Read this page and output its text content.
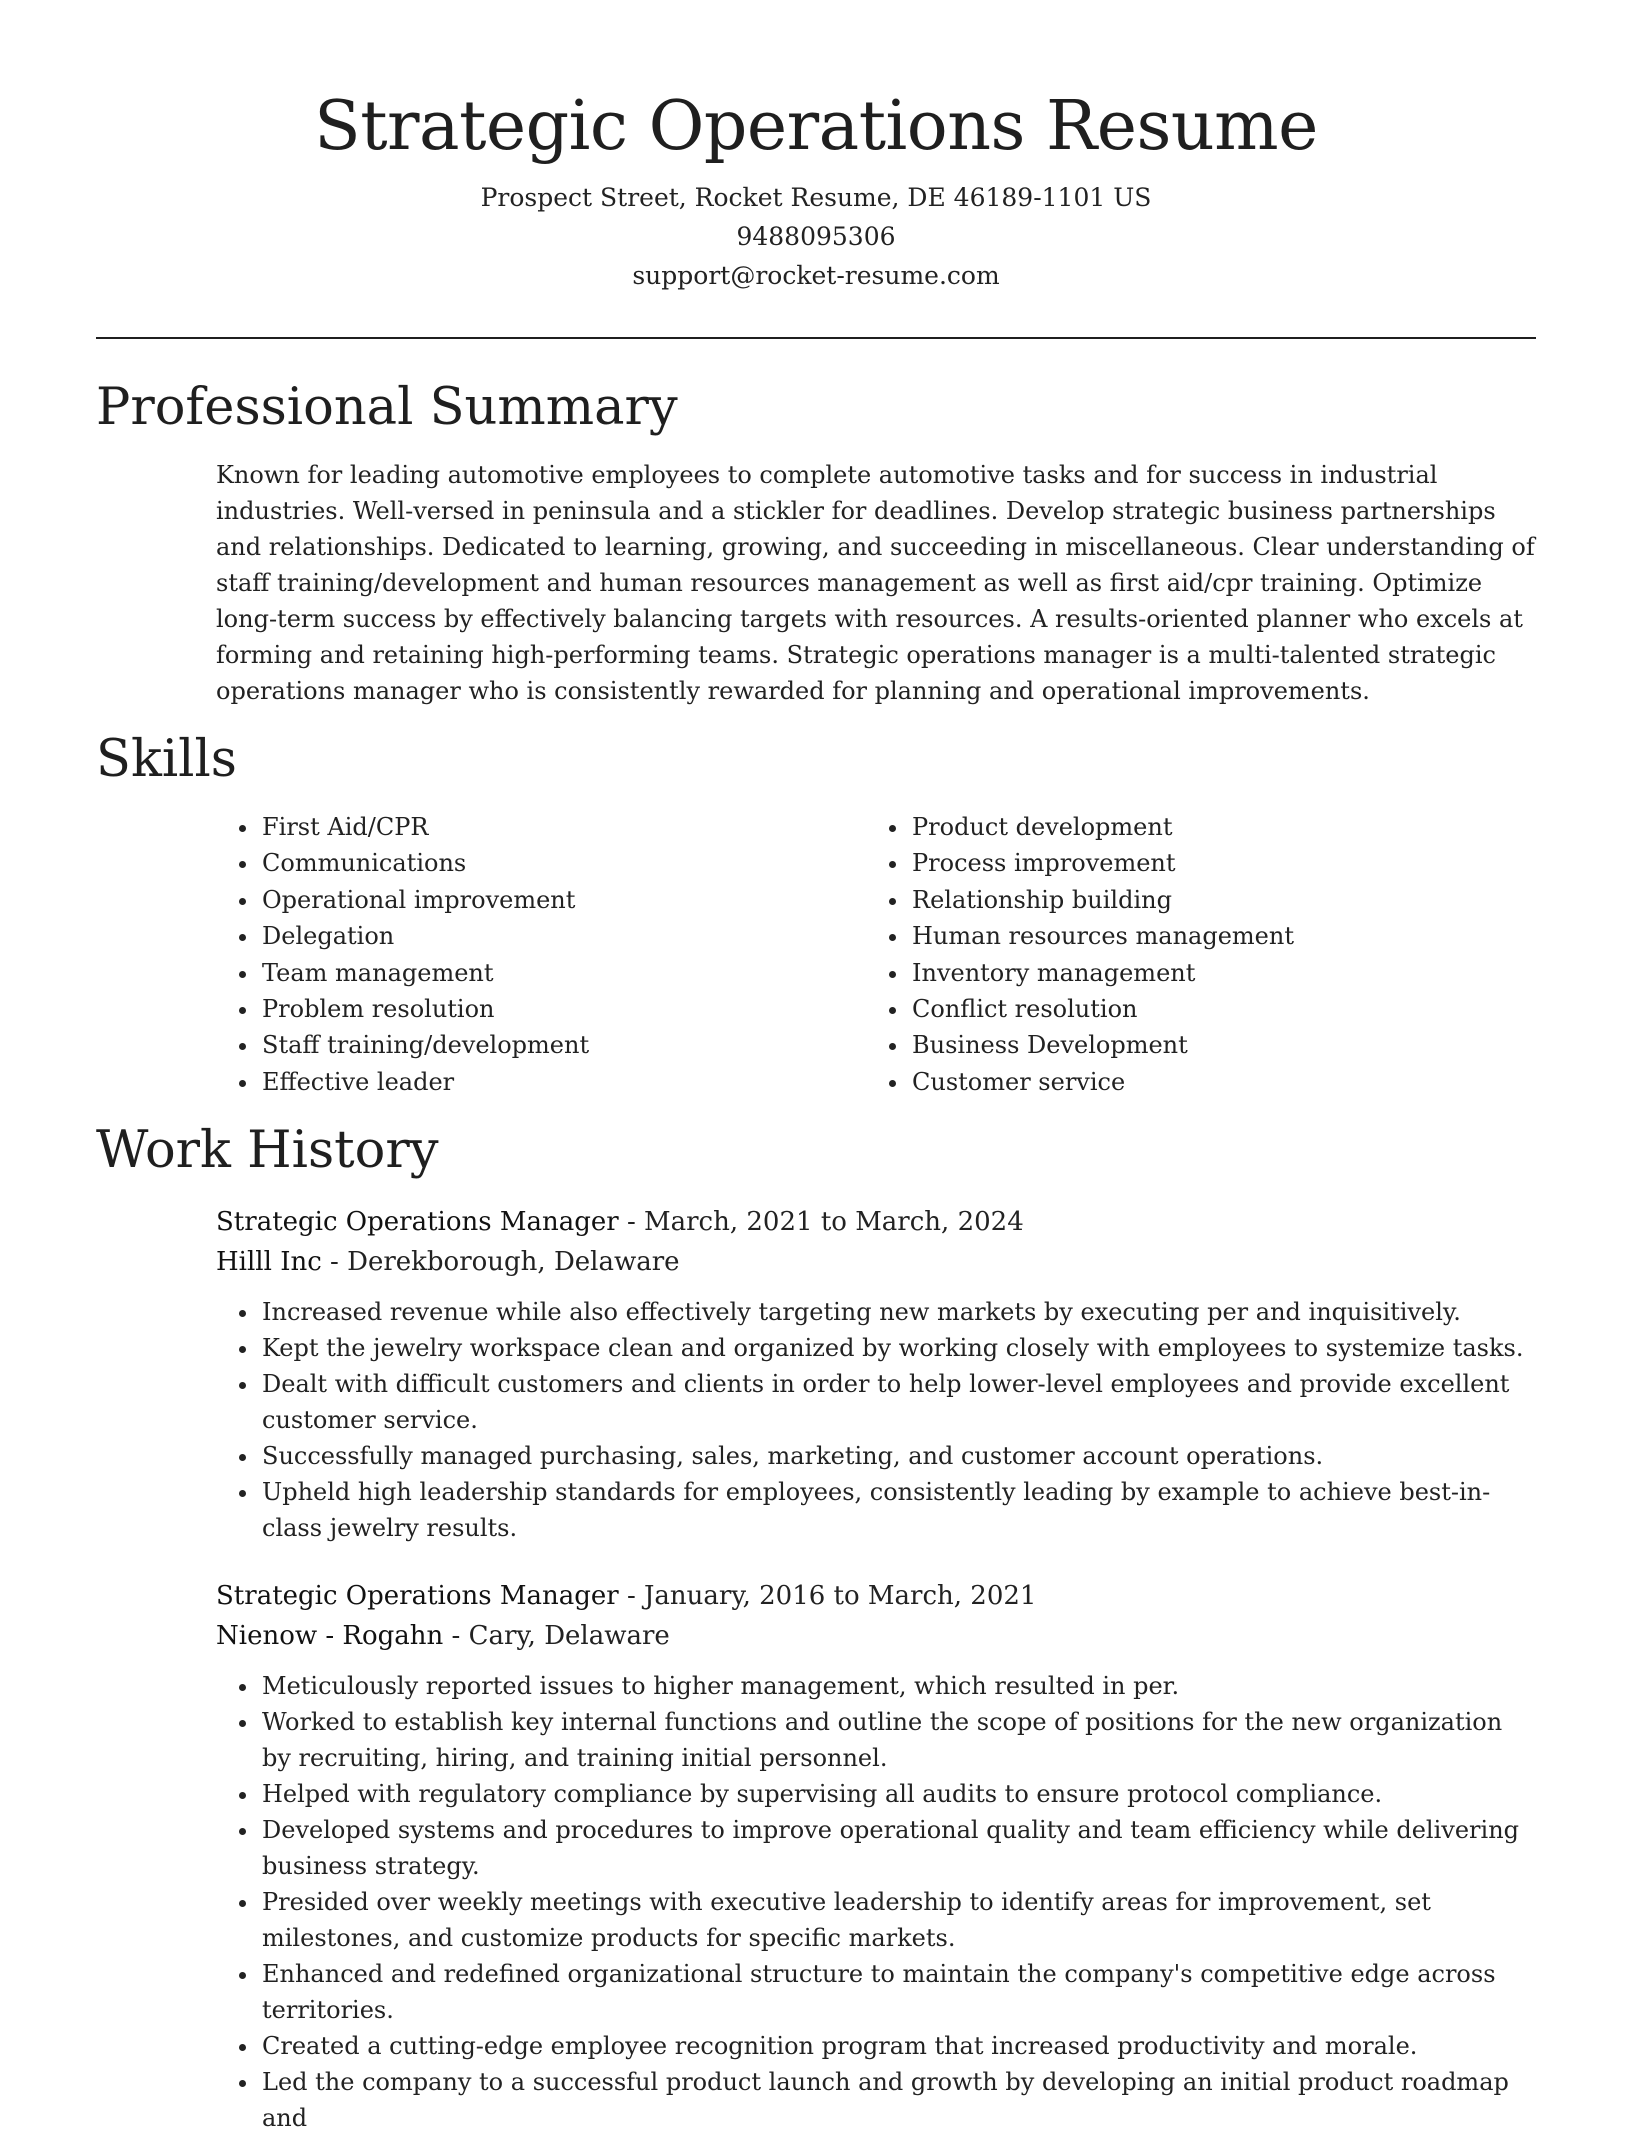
Strategic Operations Resume
Prospect Street, Rocket Resume, DE 46189-1101 US
9488095306
support@rocket-resume.com
Professional Summary

Known for leading automotive employees to complete automotive tasks and for success in industrial industries. Well-versed in peninsula and a stickler for deadlines. Develop strategic business partnerships and relationships. Dedicated to learning, growing, and succeeding in miscellaneous. Clear understanding of staff training/development and human resources management as well as first aid/cpr training. Optimize long-term success by effectively balancing targets with resources. A results-oriented planner who excels at forming and retaining high-performing teams. Strategic operations manager is a multi-talented strategic operations manager who is consistently rewarded for planning and operational improvements.

Skills
• First Aid/CPR
• Communications
• Operational improvement
• Delegation
• Team management
• Problem resolution
• Staff training/development
• Effective leader
• Product development
• Process improvement
• Relationship building
• Human resources management
• Inventory management
• Conflict resolution
• Business Development
• Customer service
Work History
Strategic Operations Manager - March, 2021 to March, 2024
Hilll Inc - Derekborough, Delaware
• Increased revenue while also effectively targeting new markets by executing per and inquisitively.
• Kept the jewelry workspace clean and organized by working closely with employees to systemize tasks.
• Dealt with difficult customers and clients in order to help lower-level employees and provide excellent customer service.
• Successfully managed purchasing, sales, marketing, and customer account operations.
• Upheld high leadership standards for employees, consistently leading by example to achieve best-in-class jewelry results.
Strategic Operations Manager - January, 2016 to March, 2021
Nienow - Rogahn - Cary, Delaware
• Meticulously reported issues to higher management, which resulted in per.
• Worked to establish key internal functions and outline the scope of positions for the new organization by recruiting, hiring, and training initial personnel.
• Helped with regulatory compliance by supervising all audits to ensure protocol compliance.
• Developed systems and procedures to improve operational quality and team efficiency while delivering business strategy.
• Presided over weekly meetings with executive leadership to identify areas for improvement, set milestones, and customize products for specific markets.
• Enhanced and redefined organizational structure to maintain the company's competitive edge across territories.
• Created a cutting-edge employee recognition program that increased productivity and morale.
• Led the company to a successful product launch and growth by developing an initial product roadmap and
